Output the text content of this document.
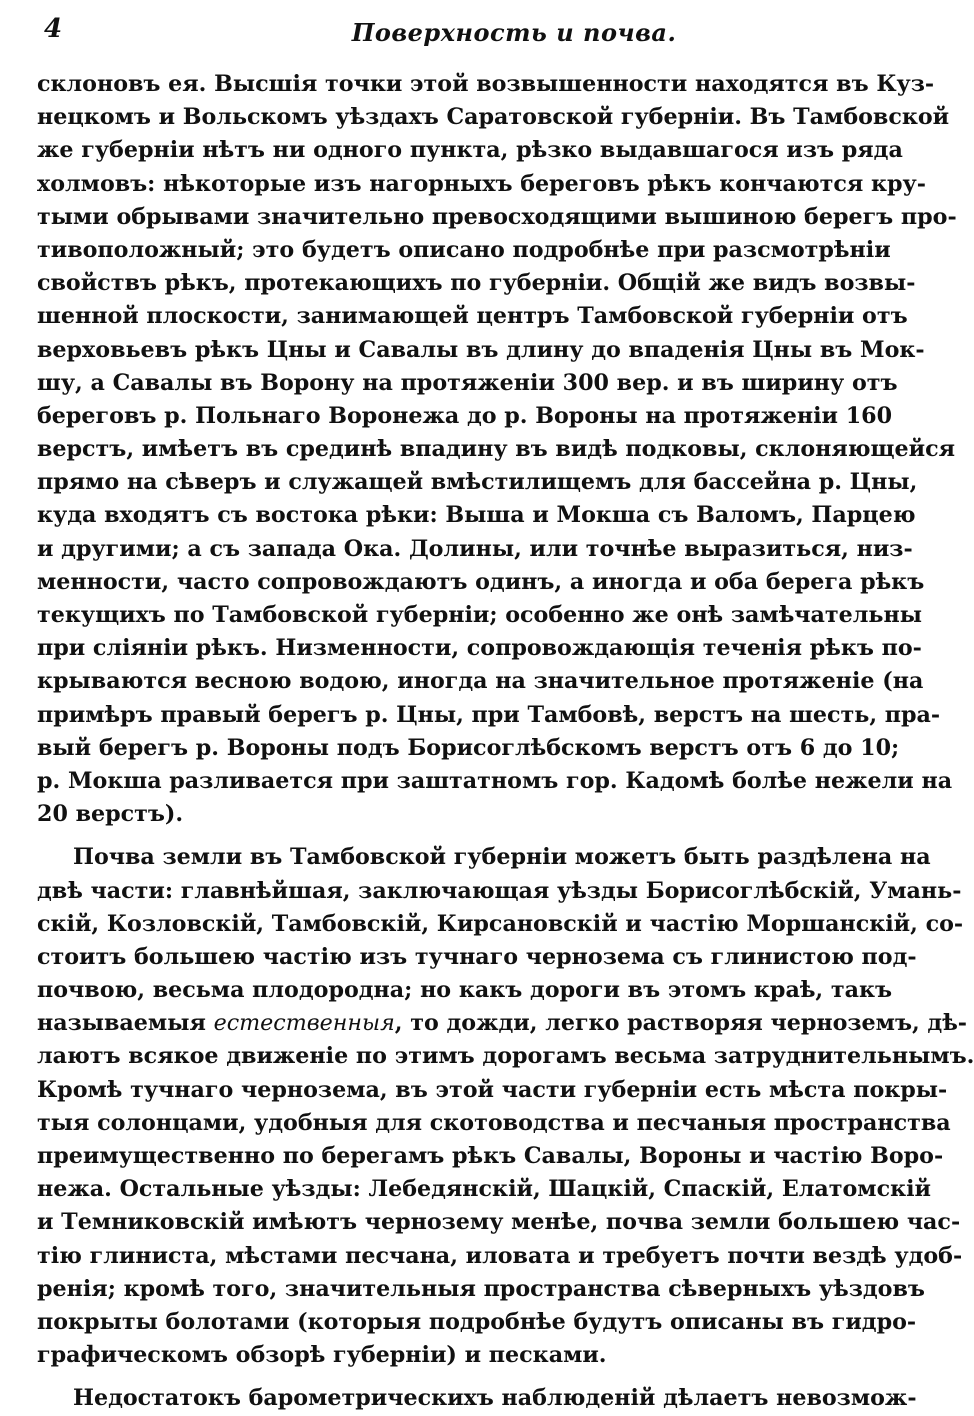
4	Поверхность и почва.
склоновъ ея. Высшія точки этой возвышенности находятся въ Куз-
нецкомъ и Вольскомъ уѣздахъ Саратовской губерніи. Въ Тамбовской
же губерніи нѣтъ ни одного пункта, рѣзко выдавшагося изъ ряда
холмовъ: нѣкоторые изъ нагорныхъ береговъ рѣкъ кончаются кру-
тыми обрывами значительно превосходящими вышиною берегъ про-
тивоположный; это будетъ описано подробнѣе при разсмотрѣніи
свойствъ рѣкъ, протекающихъ по губерніи. Общій же видъ возвы-
шенной плоскости, занимающей центръ Тамбовской губерніи отъ
верховьевъ рѣкъ Цны и Савалы въ длину до впаденія Цны въ Мок-
шу, а Савалы въ Ворону на протяженіи 300 вер. и въ ширину отъ
береговъ р. Польнаго Воронежа до р. Вороны на протяженіи 160
верстъ, имѣетъ въ срединѣ впадину въ видѣ подковы, склоняющейся
прямо на сѣверъ и служащей вмѣстилищемъ для бассейна р. Цны,
куда входятъ съ востока рѣки: Выша и Мокша съ Валомъ, Парцею
и другими; а съ запада Ока. Долины, или точнѣе выразиться, низ-
менности, часто сопровождаютъ одинъ, а иногда и оба берега рѣкъ
текущихъ по Тамбовской губерніи; особенно же онѣ замѣчательны
при сліяніи рѣкъ. Низменности, сопровождающія теченія рѣкъ по-
крываются весною водою, иногда на значительное протяженіе (на
примѣръ правый берегъ р. Цны, при Тамбовѣ, верстъ на шесть, пра-
вый берегъ р. Вороны подъ Борисоглѣбскомъ верстъ отъ 6 до 10;
р. Мокша разливается при заштатномъ гор. Кадомѣ болѣе нежели на
20 верстъ).
Почва земли въ Тамбовской губерніи можетъ быть раздѣлена на
двѣ части: главнѣйшая, заключающая уѣзды Борисоглѣбскій, Умань-
скій, Козловскій, Тамбовскій, Кирсановскій и частію Моршанскій, со-
стоитъ большею частію изъ тучнаго чернозема съ глинистою под-
почвою, весьма плодородна; но какъ дороги въ этомъ краѣ, такъ
называемыя естественныя, то дожди, легко растворяя черноземъ, дѣ-
лаютъ всякое движеніе по этимъ дорогамъ весьма затруднительнымъ.
Кромѣ тучнаго чернозема, въ этой части губерніи есть мѣста покры-
тыя солонцами, удобныя для скотоводства и песчаныя пространства
преимущественно по берегамъ рѣкъ Савалы, Вороны и частію Воро-
нежа. Остальные уѣзды: Лебедянскій, Шацкій, Спаскій, Елатомскій
и Темниковскій имѣютъ чернозему менѣе, почва земли большею час-
тію глиниста, мѣстами песчана, иловата и требуетъ почти вездѣ удоб-
ренія; кромѣ того, значительныя пространства сѣверныхъ уѣздовъ
покрыты болотами (которыя подробнѣе будутъ описаны въ гидро-
графическомъ обзорѣ губерніи) и песками.
Недостатокъ барометрическихъ наблюденій дѣлаетъ невозмож-
